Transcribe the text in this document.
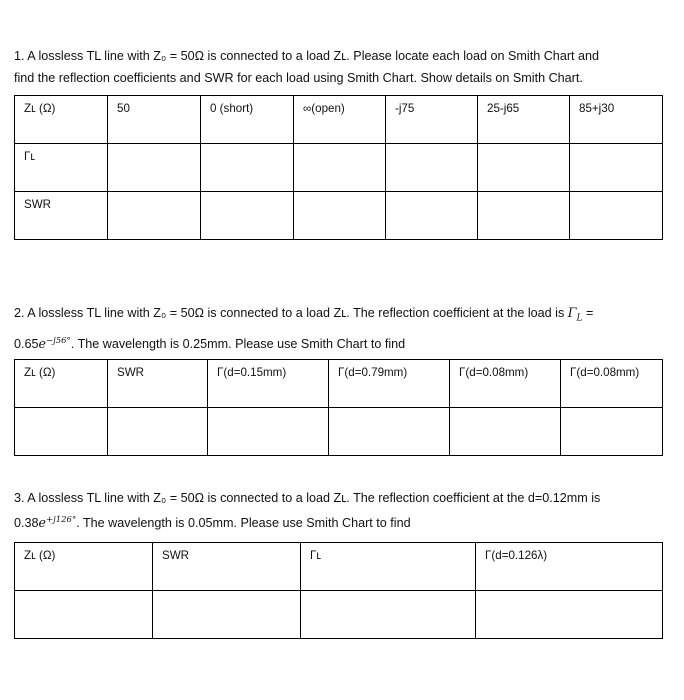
1. A lossless TL line with Z₀ = 50Ω is connected to a load Zʟ. Please locate each load on Smith Chart and

find the reflection coefficients and SWR for each load using Smith Chart. Show details on Smith Chart.

Zʟ (Ω)	50	0 (short)	∞(open)	-j75	25-j65	85+j30
Γʟ						
SWR						

2. A lossless TL line with Z₀ = 50Ω is connected to a load Zʟ. The reflection coefficient at the load is $\Gamma_L$ =

$0.65e^{-j56^\circ}$. The wavelength is 0.25mm. Please use Smith Chart to find

Zʟ (Ω)	SWR	Γ(d=0.15mm)	Γ(d=0.79mm)	Γ(d=0.08mm)	Γ(d=0.08mm)

3. A lossless TL line with Z₀ = 50Ω is connected to a load Zʟ. The reflection coefficient at the d=0.12mm is

$0.38e^{+j126^\circ}$. The wavelength is 0.05mm. Please use Smith Chart to find

Zʟ (Ω)	SWR	Γʟ	Γ(d=0.126λ)
